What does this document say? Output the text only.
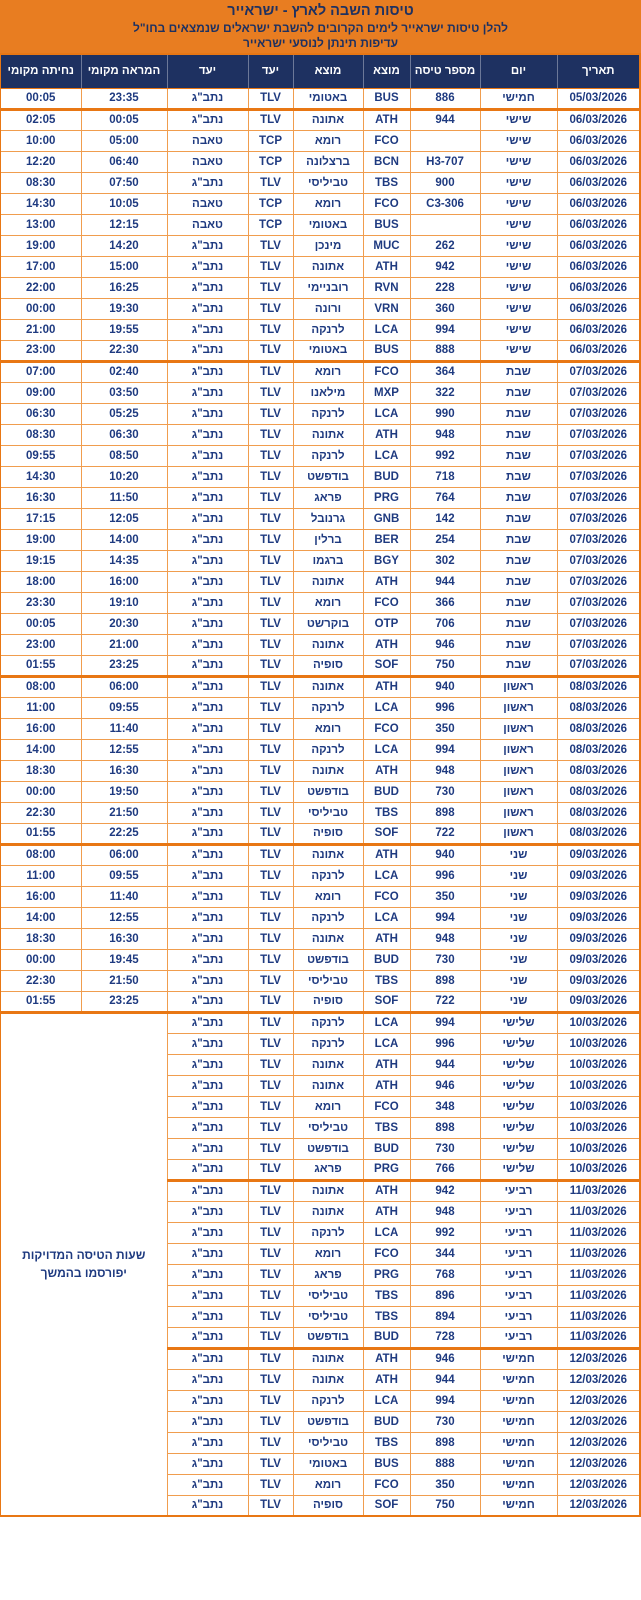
טיסות השבה לארץ - ישראייר
להלן טיסות ישראייר לימים הקרובים להשבת ישראלים שנמצאים בחו"ל
עדיפות תינתן לנוסעי ישראייר
תאריך	יום	מספר טיסה	מוצא	מוצא	יעד	יעד	המראה מקומי	נחיתה מקומי
05/03/2026	חמישי	886	BUS	באטומי	TLV	נתב"ג	23:35	00:05
06/03/2026	שישי	944	ATH	אתונה	TLV	נתב"ג	00:05	02:05
06/03/2026	שישי		FCO	רומא	TCP	טאבה	05:00	10:00
06/03/2026	שישי	H3-707	BCN	ברצלונה	TCP	טאבה	06:40	12:20
06/03/2026	שישי	900	TBS	טביליסי	TLV	נתב"ג	07:50	08:30
06/03/2026	שישי	C3-306	FCO	רומא	TCP	טאבה	10:05	14:30
06/03/2026	שישי		BUS	באטומי	TCP	טאבה	12:15	13:00
06/03/2026	שישי	262	MUC	מינכן	TLV	נתב"ג	14:20	19:00
06/03/2026	שישי	942	ATH	אתונה	TLV	נתב"ג	15:00	17:00
06/03/2026	שישי	228	RVN	רובניימי	TLV	נתב"ג	16:25	22:00
06/03/2026	שישי	360	VRN	ורונה	TLV	נתב"ג	19:30	00:00
06/03/2026	שישי	994	LCA	לרנקה	TLV	נתב"ג	19:55	21:00
06/03/2026	שישי	888	BUS	באטומי	TLV	נתב"ג	22:30	23:00
07/03/2026	שבת	364	FCO	רומא	TLV	נתב"ג	02:40	07:00
07/03/2026	שבת	322	MXP	מילאנו	TLV	נתב"ג	03:50	09:00
07/03/2026	שבת	990	LCA	לרנקה	TLV	נתב"ג	05:25	06:30
07/03/2026	שבת	948	ATH	אתונה	TLV	נתב"ג	06:30	08:30
07/03/2026	שבת	992	LCA	לרנקה	TLV	נתב"ג	08:50	09:55
07/03/2026	שבת	718	BUD	בודפשט	TLV	נתב"ג	10:20	14:30
07/03/2026	שבת	764	PRG	פראג	TLV	נתב"ג	11:50	16:30
07/03/2026	שבת	142	GNB	גרנובל	TLV	נתב"ג	12:05	17:15
07/03/2026	שבת	254	BER	ברלין	TLV	נתב"ג	14:00	19:00
07/03/2026	שבת	302	BGY	ברגמו	TLV	נתב"ג	14:35	19:15
07/03/2026	שבת	944	ATH	אתונה	TLV	נתב"ג	16:00	18:00
07/03/2026	שבת	366	FCO	רומא	TLV	נתב"ג	19:10	23:30
07/03/2026	שבת	706	OTP	בוקרשט	TLV	נתב"ג	20:30	00:05
07/03/2026	שבת	946	ATH	אתונה	TLV	נתב"ג	21:00	23:00
07/03/2026	שבת	750	SOF	סופיה	TLV	נתב"ג	23:25	01:55
08/03/2026	ראשון	940	ATH	אתונה	TLV	נתב"ג	06:00	08:00
08/03/2026	ראשון	996	LCA	לרנקה	TLV	נתב"ג	09:55	11:00
08/03/2026	ראשון	350	FCO	רומא	TLV	נתב"ג	11:40	16:00
08/03/2026	ראשון	994	LCA	לרנקה	TLV	נתב"ג	12:55	14:00
08/03/2026	ראשון	948	ATH	אתונה	TLV	נתב"ג	16:30	18:30
08/03/2026	ראשון	730	BUD	בודפשט	TLV	נתב"ג	19:50	00:00
08/03/2026	ראשון	898	TBS	טביליסי	TLV	נתב"ג	21:50	22:30
08/03/2026	ראשון	722	SOF	סופיה	TLV	נתב"ג	22:25	01:55
09/03/2026	שני	940	ATH	אתונה	TLV	נתב"ג	06:00	08:00
09/03/2026	שני	996	LCA	לרנקה	TLV	נתב"ג	09:55	11:00
09/03/2026	שני	350	FCO	רומא	TLV	נתב"ג	11:40	16:00
09/03/2026	שני	994	LCA	לרנקה	TLV	נתב"ג	12:55	14:00
09/03/2026	שני	948	ATH	אתונה	TLV	נתב"ג	16:30	18:30
09/03/2026	שני	730	BUD	בודפשט	TLV	נתב"ג	19:45	00:00
09/03/2026	שני	898	TBS	טביליסי	TLV	נתב"ג	21:50	22:30
09/03/2026	שני	722	SOF	סופיה	TLV	נתב"ג	23:25	01:55
10/03/2026	שלישי	994	LCA	לרנקה	TLV	נתב"ג	שעות הטיסה המדויקות יפורסמו בהמשך	

10/03/2026	שלישי	996	LCA	לרנקה	TLV	נתב"ג		
10/03/2026	שלישי	944	ATH	אתונה	TLV	נתב"ג		
10/03/2026	שלישי	946	ATH	אתונה	TLV	נתב"ג		
10/03/2026	שלישי	348	FCO	רומא	TLV	נתב"ג		
10/03/2026	שלישי	898	TBS	טביליסי	TLV	נתב"ג		
10/03/2026	שלישי	730	BUD	בודפשט	TLV	נתב"ג		
10/03/2026	שלישי	766	PRG	פראג	TLV	נתב"ג		
11/03/2026	רביעי	942	ATH	אתונה	TLV	נתב"ג		
11/03/2026	רביעי	948	ATH	אתונה	TLV	נתב"ג		
11/03/2026	רביעי	992	LCA	לרנקה	TLV	נתב"ג		
11/03/2026	רביעי	344	FCO	רומא	TLV	נתב"ג		
11/03/2026	רביעי	768	PRG	פראג	TLV	נתב"ג		
11/03/2026	רביעי	896	TBS	טביליסי	TLV	נתב"ג		
11/03/2026	רביעי	894	TBS	טביליסי	TLV	נתב"ג		
11/03/2026	רביעי	728	BUD	בודפשט	TLV	נתב"ג		
12/03/2026	חמישי	946	ATH	אתונה	TLV	נתב"ג		
12/03/2026	חמישי	944	ATH	אתונה	TLV	נתב"ג		
12/03/2026	חמישי	994	LCA	לרנקה	TLV	נתב"ג		
12/03/2026	חמישי	730	BUD	בודפשט	TLV	נתב"ג		
12/03/2026	חמישי	898	TBS	טביליסי	TLV	נתב"ג		
12/03/2026	חמישי	888	BUS	באטומי	TLV	נתב"ג		
12/03/2026	חמישי	350	FCO	רומא	TLV	נתב"ג		
12/03/2026	חמישי	750	SOF	סופיה	TLV	נתב"ג		
